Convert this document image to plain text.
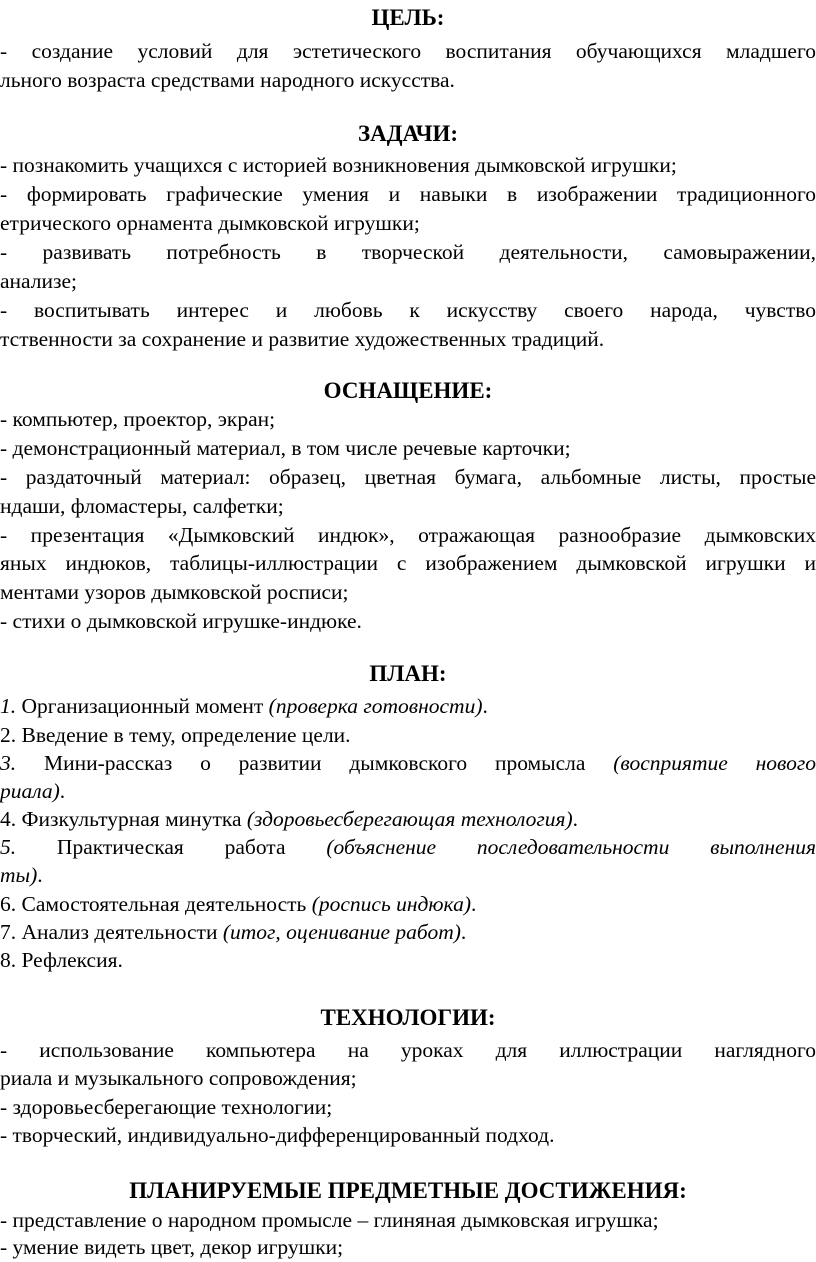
ЦЕЛЬ:
- создание условий для эстетического воспитания обучающихся младшего
льного возраста средствами народного искусства.
ЗАДАЧИ:
- познакомить учащихся с историей возникновения дымковской игрушки;
- формировать графические умения и навыки в изображении традиционного
етрического орнамента дымковской игрушки;
- развивать потребность в творческой деятельности, самовыражении,
анализе;
- воспитывать интерес и любовь к искусству своего народа, чувство
тственности за сохранение и развитие художественных традиций.
ОСНАЩЕНИЕ:
- компьютер, проектор, экран;
- демонстрационный материал, в том числе речевые карточки;
- раздаточный материал: образец, цветная бумага, альбомные листы, простые
ндаши, фломастеры, салфетки;
- презентация «Дымковский индюк», отражающая разнообразие дымковских
яных индюков, таблицы-иллюстрации с изображением дымковской игрушки и
ментами узоров дымковской росписи;
- стихи о дымковской игрушке-индюке.
ПЛАН:
1. Организационный момент (проверка готовности).
2. Введение в тему, определение цели.
3. Мини-рассказ о развитии дымковского промысла (восприятие нового
риала).
4. Физкультурная минутка (здоровьесберегающая технология).
5. Практическая работа (объяснение последовательности выполнения
ты).
6. Самостоятельная деятельность (роспись индюка).
7. Анализ деятельности (итог, оценивание работ).
8. Рефлексия.
ТЕХНОЛОГИИ:
- использование компьютера на уроках для иллюстрации наглядного
риала и музыкального сопровождения;
- здоровьесберегающие технологии;
- творческий, индивидуально-дифференцированный подход.
ПЛАНИРУЕМЫЕ ПРЕДМЕТНЫЕ ДОСТИЖЕНИЯ:
- представление о народном промысле – глиняная дымковская игрушка;
- умение видеть цвет, декор игрушки;
